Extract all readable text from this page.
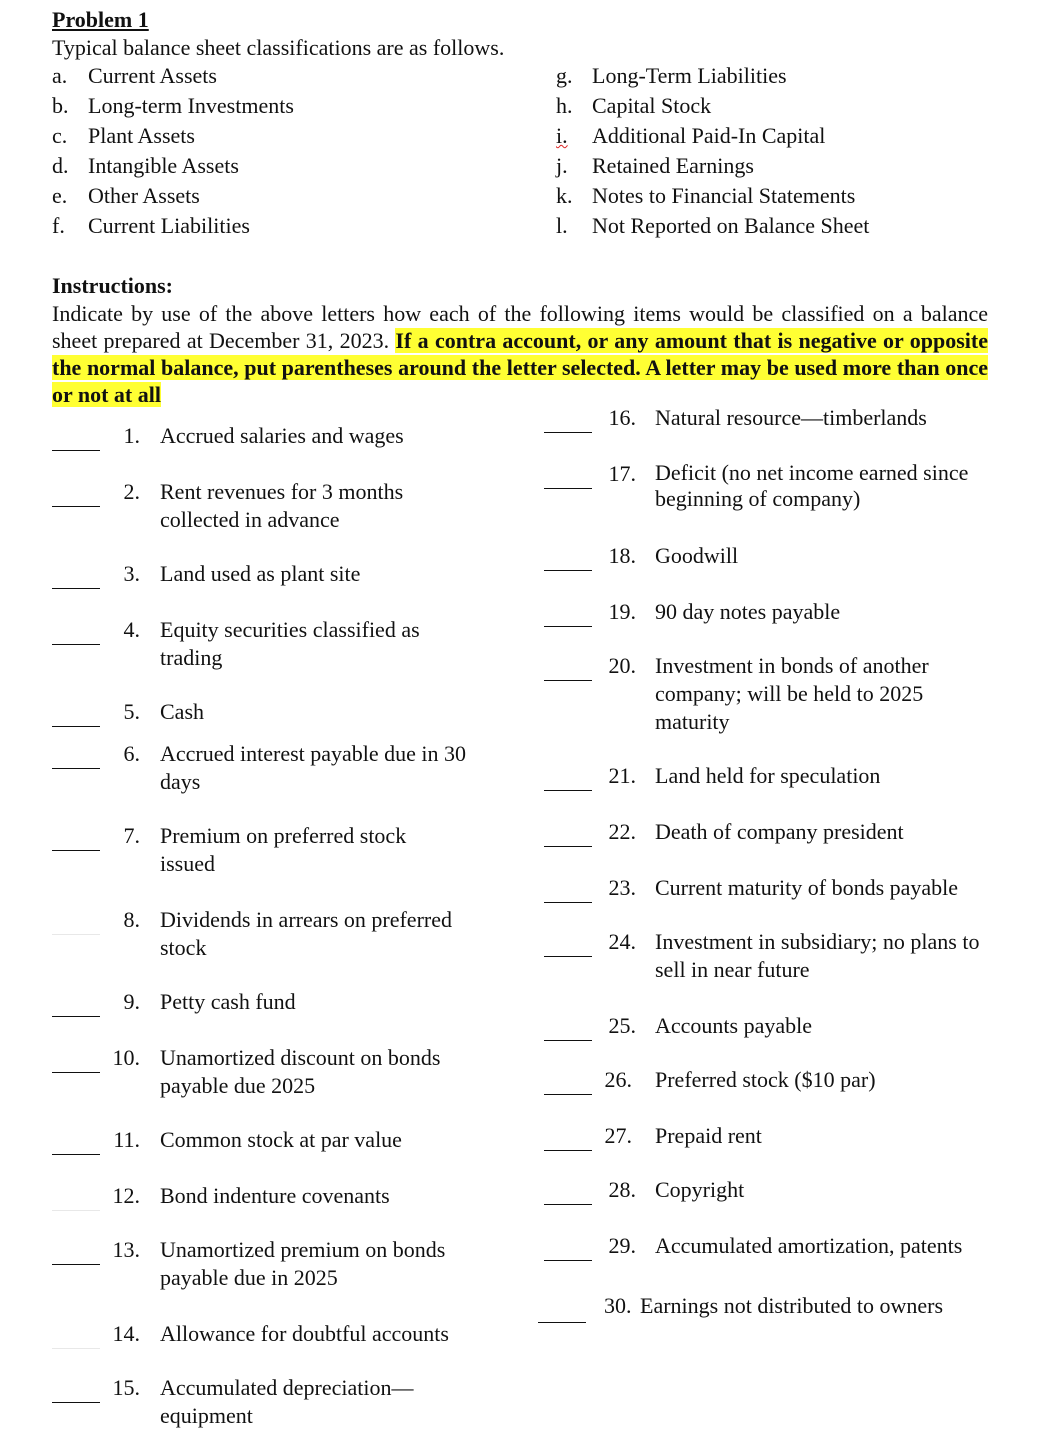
Problem 1
Typical balance sheet classifications are as follows.
a. Current Assets
b. Long-term Investments
c. Plant Assets
d. Intangible Assets
e. Other Assets
f. Current Liabilities
g. Long-Term Liabilities
h. Capital Stock
i. Additional Paid-In Capital
j. Retained Earnings
k. Notes to Financial Statements
l. Not Reported on Balance Sheet
Instructions:
Indicate by use of the above letters how each of the following items would be classified on a balance sheet prepared at December 31, 2023. If a contra account, or any amount that is negative or opposite the normal balance, put parentheses around the letter selected. A letter may be used more than once or not at all
1. Accrued salaries and wages
2. Rent revenues for 3 months collected in advance
3. Land used as plant site
4. Equity securities classified as trading
5. Cash
6. Accrued interest payable due in 30 days
7. Premium on preferred stock issued
8. Dividends in arrears on preferred stock
9. Petty cash fund
10. Unamortized discount on bonds payable due 2025
11. Common stock at par value
12. Bond indenture covenants
13. Unamortized premium on bonds payable due in 2025
14. Allowance for doubtful accounts
15. Accumulated depreciation—equipment
16. Natural resource—timberlands
17. Deficit (no net income earned since beginning of company)
18. Goodwill
19. 90 day notes payable
20. Investment in bonds of another company; will be held to 2025 maturity
21. Land held for speculation
22. Death of company president
23. Current maturity of bonds payable
24. Investment in subsidiary; no plans to sell in near future
25. Accounts payable
26. Preferred stock ($10 par)
27. Prepaid rent
28. Copyright
29. Accumulated amortization, patents
30. Earnings not distributed to owners
